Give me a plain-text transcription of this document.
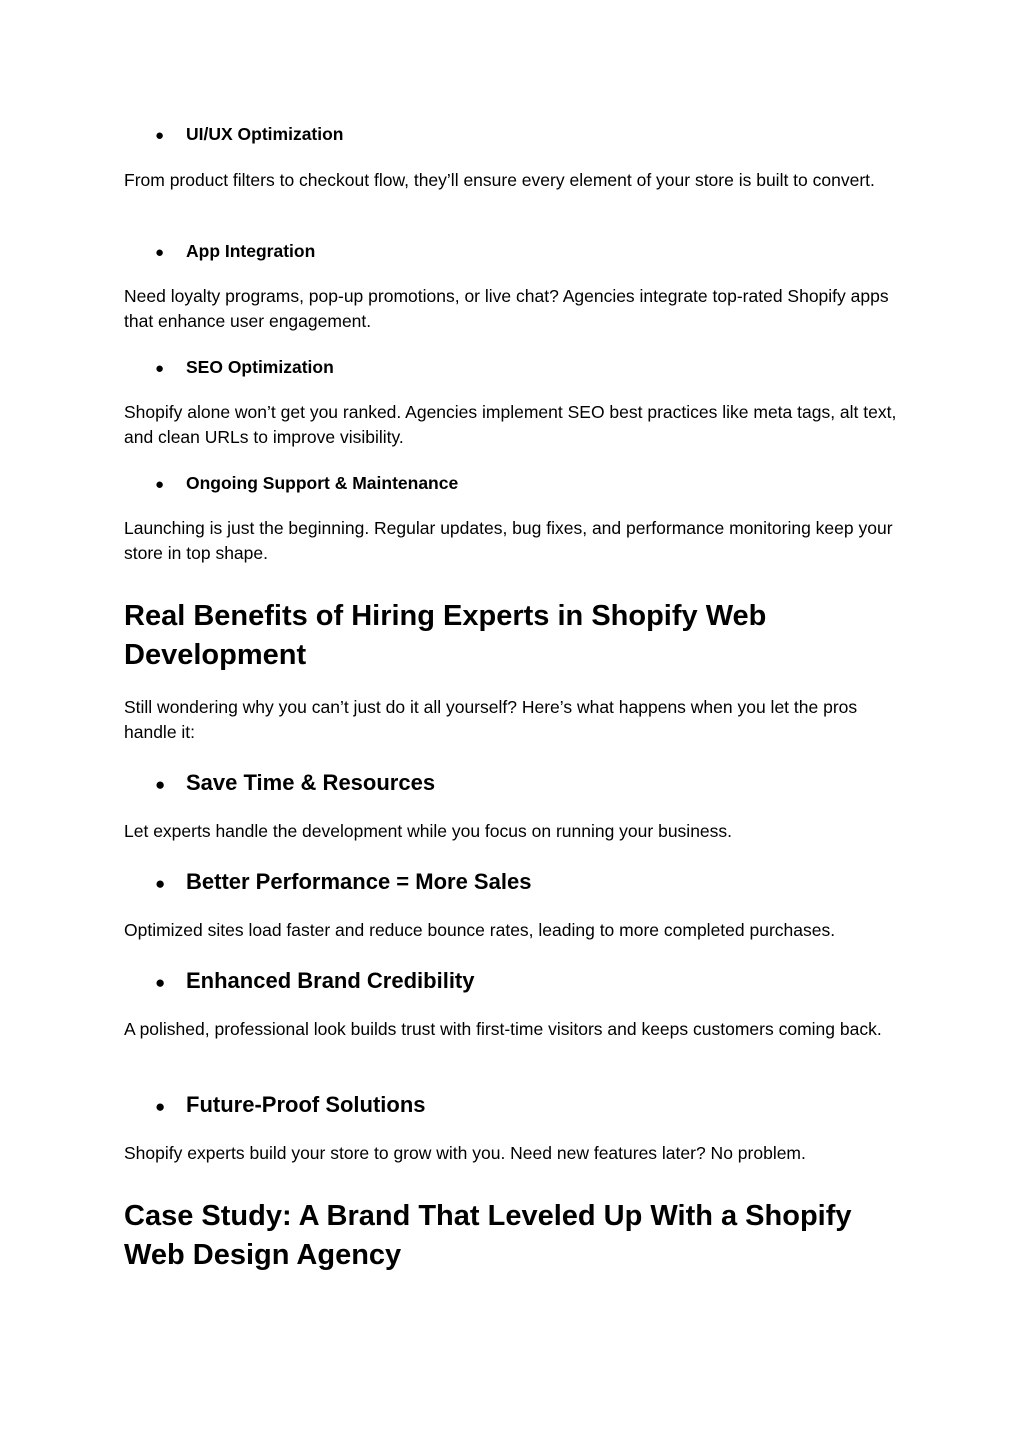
● UI/UX Optimization
From product filters to checkout flow, they’ll ensure every element of your store is built to convert.
● App Integration
Need loyalty programs, pop-up promotions, or live chat? Agencies integrate top-rated Shopify apps that enhance user engagement.
● SEO Optimization
Shopify alone won’t get you ranked. Agencies implement SEO best practices like meta tags, alt text, and clean URLs to improve visibility.
● Ongoing Support & Maintenance
Launching is just the beginning. Regular updates, bug fixes, and performance monitoring keep your store in top shape.
Real Benefits of Hiring Experts in Shopify Web Development
Still wondering why you can’t just do it all yourself? Here’s what happens when you let the pros handle it:
● Save Time & Resources
Let experts handle the development while you focus on running your business.
● Better Performance = More Sales
Optimized sites load faster and reduce bounce rates, leading to more completed purchases.
● Enhanced Brand Credibility
A polished, professional look builds trust with first-time visitors and keeps customers coming back.
● Future-Proof Solutions
Shopify experts build your store to grow with you. Need new features later? No problem.
Case Study: A Brand That Leveled Up With a Shopify Web Design Agency
